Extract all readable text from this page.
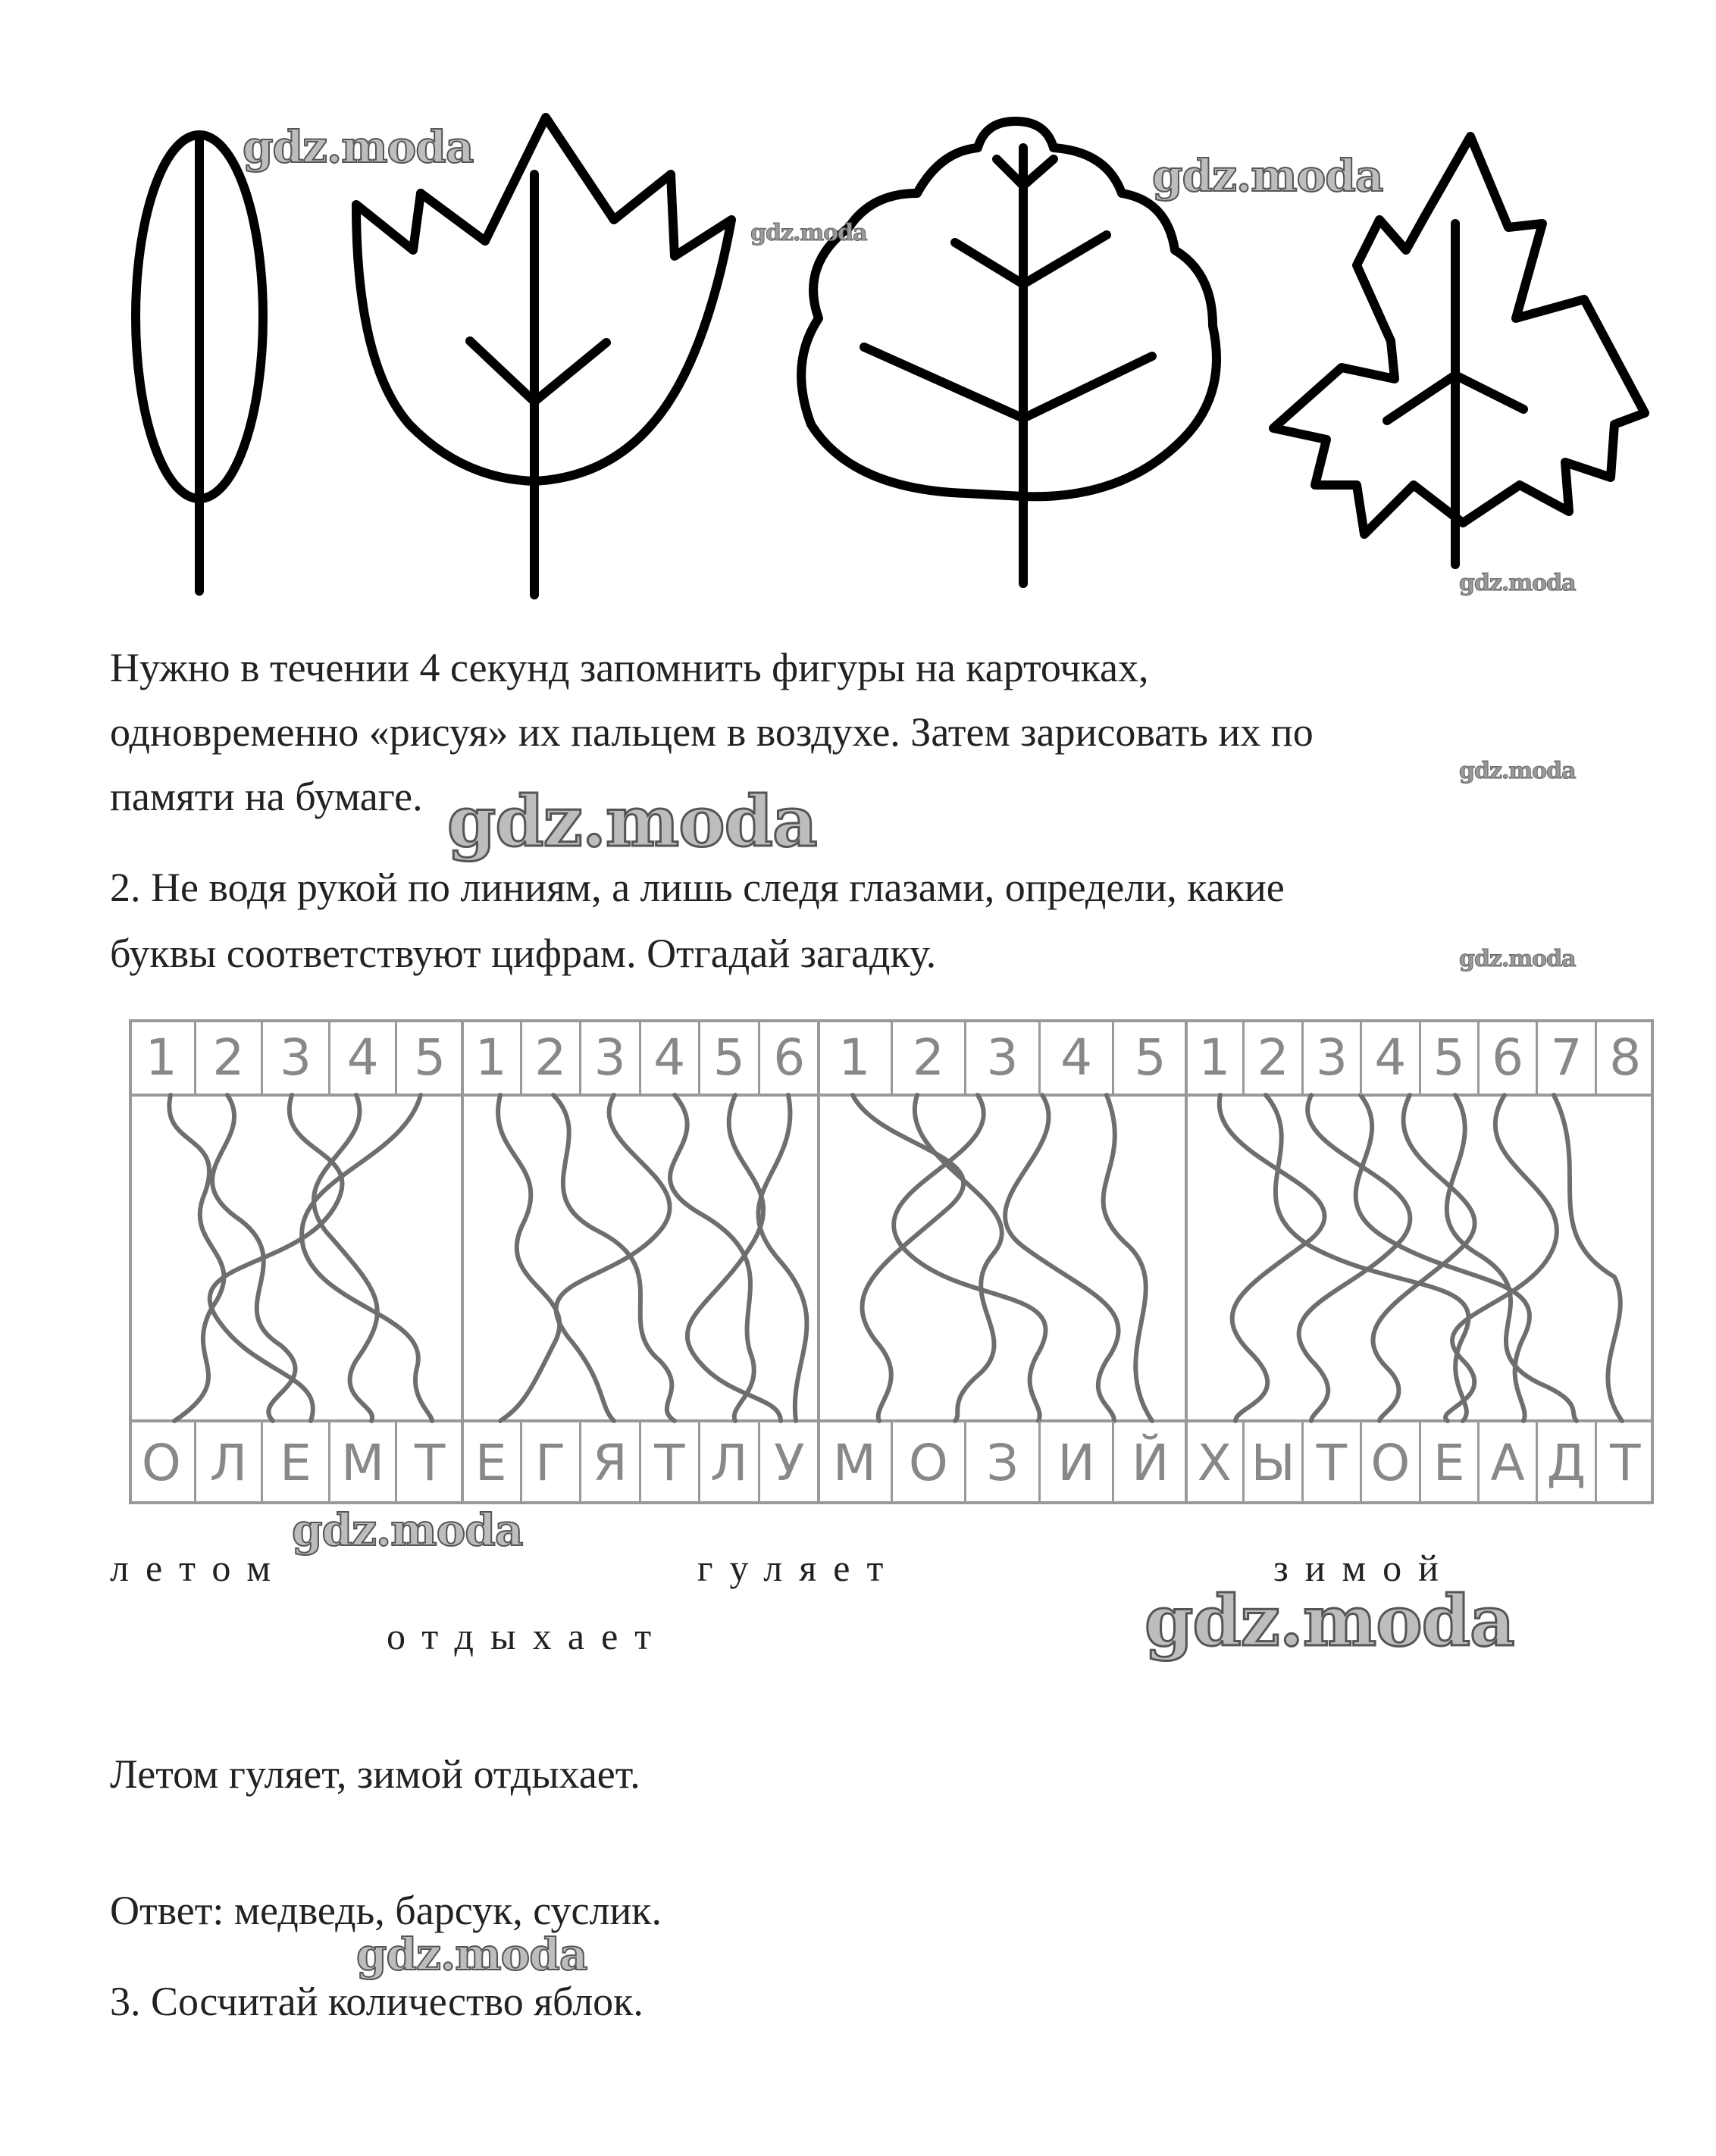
gdz.moda
gdz.moda
gdz.moda
gdz.moda
gdz.moda
gdz.moda
gdz.moda
gdz.moda
gdz.moda
gdz.moda
Нужно в течении 4 секунд запомнить фигуры на карточках,
одновременно «рисуя» их пальцем в воздухе. Затем зарисовать их по
памяти на бумаге.
2. Не водя рукой по линиям, а лишь следя глазами, определи, какие
буквы соответствуют цифрам. Отгадай загадку.
1 2 3 4 5 1 2 3 4 5 6 1 2 3 4 5 1 2 3 4 5 6 7 8
О Л Е М Т Е Г Я Т Л У М О З И Й Х Ы Т О Е А Д Т
летом	гуляет	зимой
отдыхает
Летом гуляет, зимой отдыхает.
Ответ: медведь, барсук, суслик.
3. Сосчитай количество яблок.
